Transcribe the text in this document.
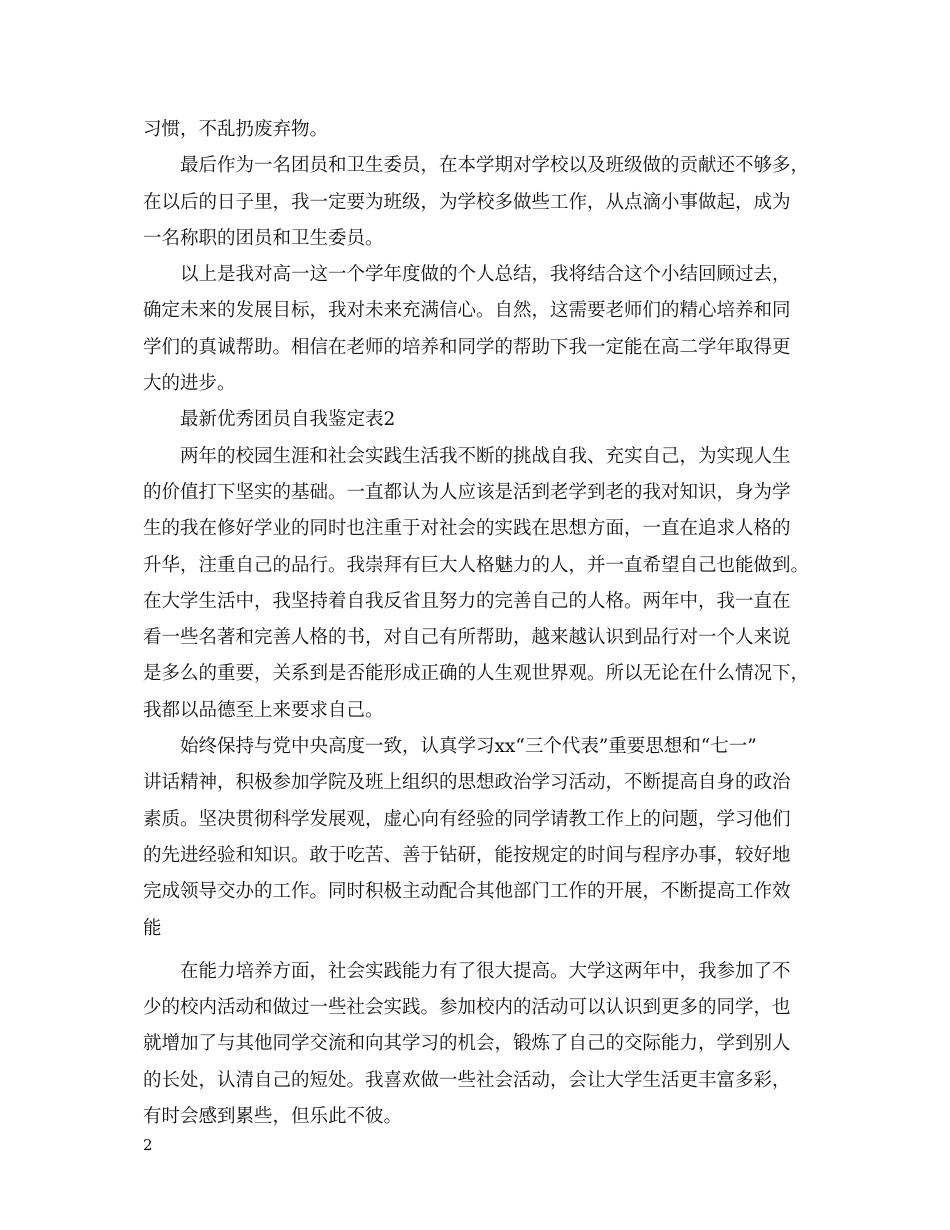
习惯，不乱扔废弃物。
最后作为一名团员和卫生委员，在本学期对学校以及班级做的贡献还不够多，
在以后的日子里，我一定要为班级，为学校多做些工作，从点滴小事做起，成为
一名称职的团员和卫生委员。
以上是我对高一这一个学年度做的个人总结，我将结合这个小结回顾过去，
确定未来的发展目标，我对未来充满信心。自然，这需要老师们的精心培养和同
学们的真诚帮助。相信在老师的培养和同学的帮助下我一定能在高二学年取得更
大的进步。
最新优秀团员自我鉴定表2
两年的校园生涯和社会实践生活我不断的挑战自我、充实自己，为实现人生
的价值打下坚实的基础。一直都认为人应该是活到老学到老的我对知识，身为学
生的我在修好学业的同时也注重于对社会的实践在思想方面，一直在追求人格的
升华，注重自己的品行。我崇拜有巨大人格魅力的人，并一直希望自己也能做到。
在大学生活中，我坚持着自我反省且努力的完善自己的人格。两年中，我一直在
看一些名著和完善人格的书，对自己有所帮助，越来越认识到品行对一个人来说
是多么的重要，关系到是否能形成正确的人生观世界观。所以无论在什么情况下，
我都以品德至上来要求自己。
始终保持与党中央高度一致，认真学习xx“三个代表”重要思想和“七一”
讲话精神，积极参加学院及班上组织的思想政治学习活动，不断提高自身的政治
素质。坚决贯彻科学发展观，虚心向有经验的同学请教工作上的问题，学习他们
的先进经验和知识。敢于吃苦、善于钻研，能按规定的时间与程序办事，较好地
完成领导交办的工作。同时积极主动配合其他部门工作的开展，不断提高工作效
能
在能力培养方面，社会实践能力有了很大提高。大学这两年中，我参加了不
少的校内活动和做过一些社会实践。参加校内的活动可以认识到更多的同学，也
就增加了与其他同学交流和向其学习的机会，锻炼了自己的交际能力，学到别人
的长处，认清自己的短处。我喜欢做一些社会活动，会让大学生活更丰富多彩，
有时会感到累些，但乐此不彼。
2
